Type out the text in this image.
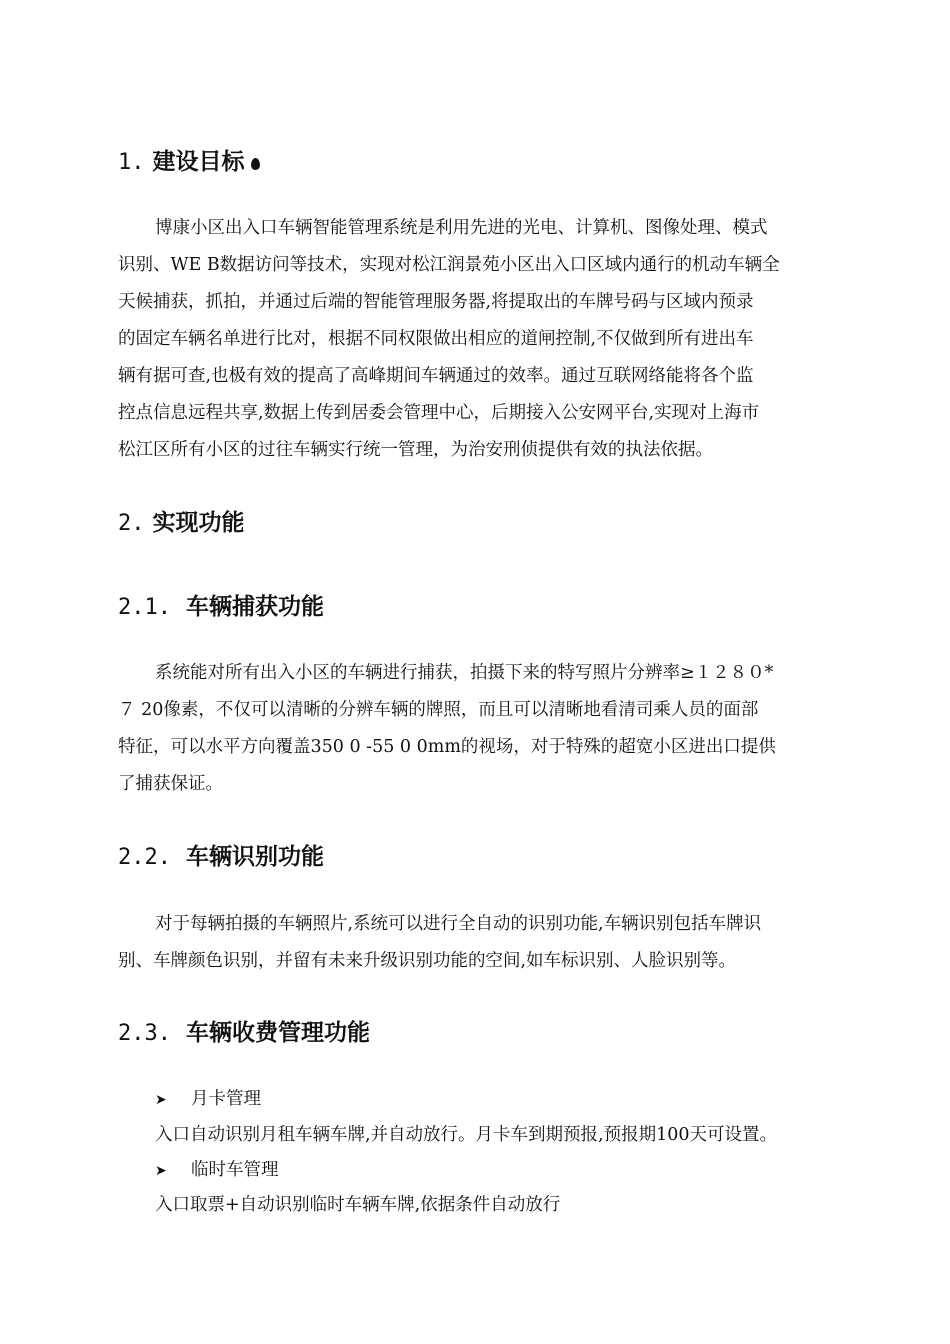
1. 建设目标
博康小区出入口车辆智能管理系统是利用先进的光电、计算机、图像处理、模式
识别、WE B数据访问等技术，实现对松江润景苑小区出入口区域内通行的机动车辆全
天候捕获，抓拍，并通过后端的智能管理服务器,将提取出的车牌号码与区域内预录
的固定车辆名单进行比对，根据不同权限做出相应的道闸控制,不仅做到所有进出车
辆有据可查,也极有效的提高了高峰期间车辆通过的效率。通过互联网络能将各个监
控点信息远程共享,数据上传到居委会管理中心，后期接入公安网平台,实现对上海市
松江区所有小区的过往车辆实行统一管理，为治安刑侦提供有效的执法依据。
2. 实现功能
2.1. 车辆捕获功能
系统能对所有出入小区的车辆进行捕获，拍摄下来的特写照片分辨率≥１２８０*
７ 20像素，不仅可以清晰的分辨车辆的牌照，而且可以清晰地看清司乘人员的面部
特征，可以水平方向覆盖350 0 -55 0 0mm的视场，对于特殊的超宽小区进出口提供
了捕获保证。
2.2. 车辆识别功能
对于每辆拍摄的车辆照片,系统可以进行全自动的识别功能,车辆识别包括车牌识
别、车牌颜色识别，并留有未来升级识别功能的空间,如车标识别、人脸识别等。
2.3. 车辆收费管理功能
➤ 月卡管理
入口自动识别月租车辆车牌,并自动放行。月卡车到期预报,预报期100天可设置。
➤ 临时车管理
入口取票+自动识别临时车辆车牌,依据条件自动放行
